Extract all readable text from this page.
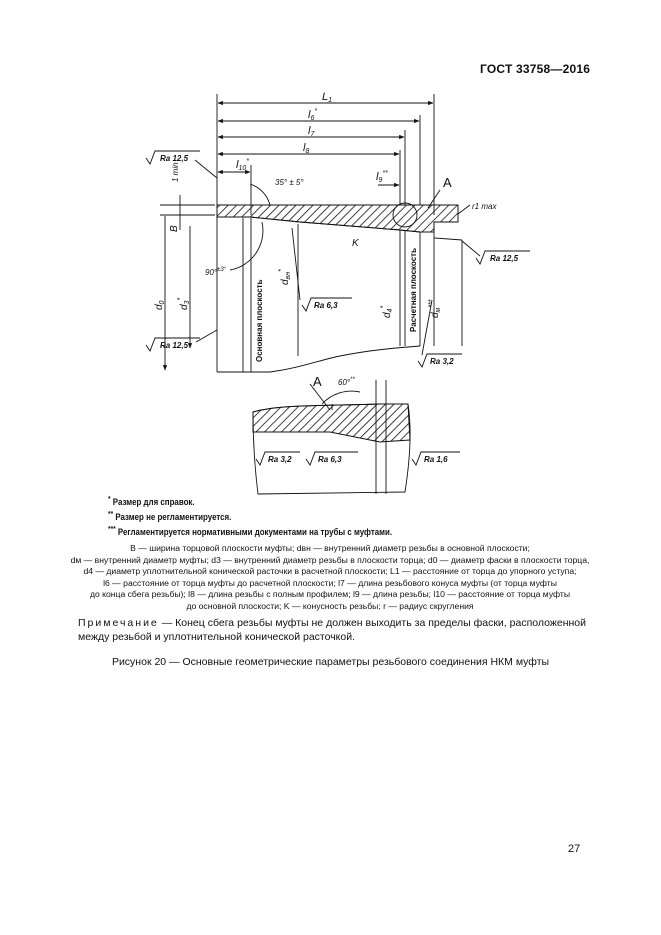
ГОСТ 33758—2016
L1
l6*
l7
l8
l10*
l9**
35° ± 5°
90°$^{\pm 3^\circ}$
r1 max
K
A
1 min
B
$d_0$
$d_3^*$
$d_{вн}^*$
$d_4^*$
$d_м^{***}$
Основная плоскость	Расчетная плоскость
Ra 12,5
Ra 12,5
Ra 12,5
Ra 6,3
Ra 3,2
A 60°**
Ra 3,2	Ra 6,3	Ra 1,6
* Размер для справок.
** Размер не регламентируется.
*** Регламентируется нормативными документами на трубы с муфтами.
B — ширина торцовой плоскости муфты; dвн — внутренний диаметр резьбы в основной плоскости;
dм — внутренний диаметр муфты; d3 — внутренний диаметр резьбы в плоскости торца; d0 — диаметр фаски в плоскости торца,
d4 — диаметр уплотнительной конической расточки в расчетной плоскости; L1 — расстояние от торца до упорного уступа;
l6 — расстояние от торца муфты до расчетной плоскости; l7 — длина резьбового конуса муфты (от торца муфты
до конца сбега резьбы); l8 — длина резьбы с полным профилем; l9 — длина резьбы; l10 — расстояние от торца муфты
до основной плоскости; K — конусность резьбы; r — радиус скругления
Примечание — Конец сбега резьбы муфты не должен выходить за пределы фаски, расположенной между резьбой и уплотнительной конической расточкой.
Рисунок 20 — Основные геометрические параметры резьбового соединения НКМ муфты
27
